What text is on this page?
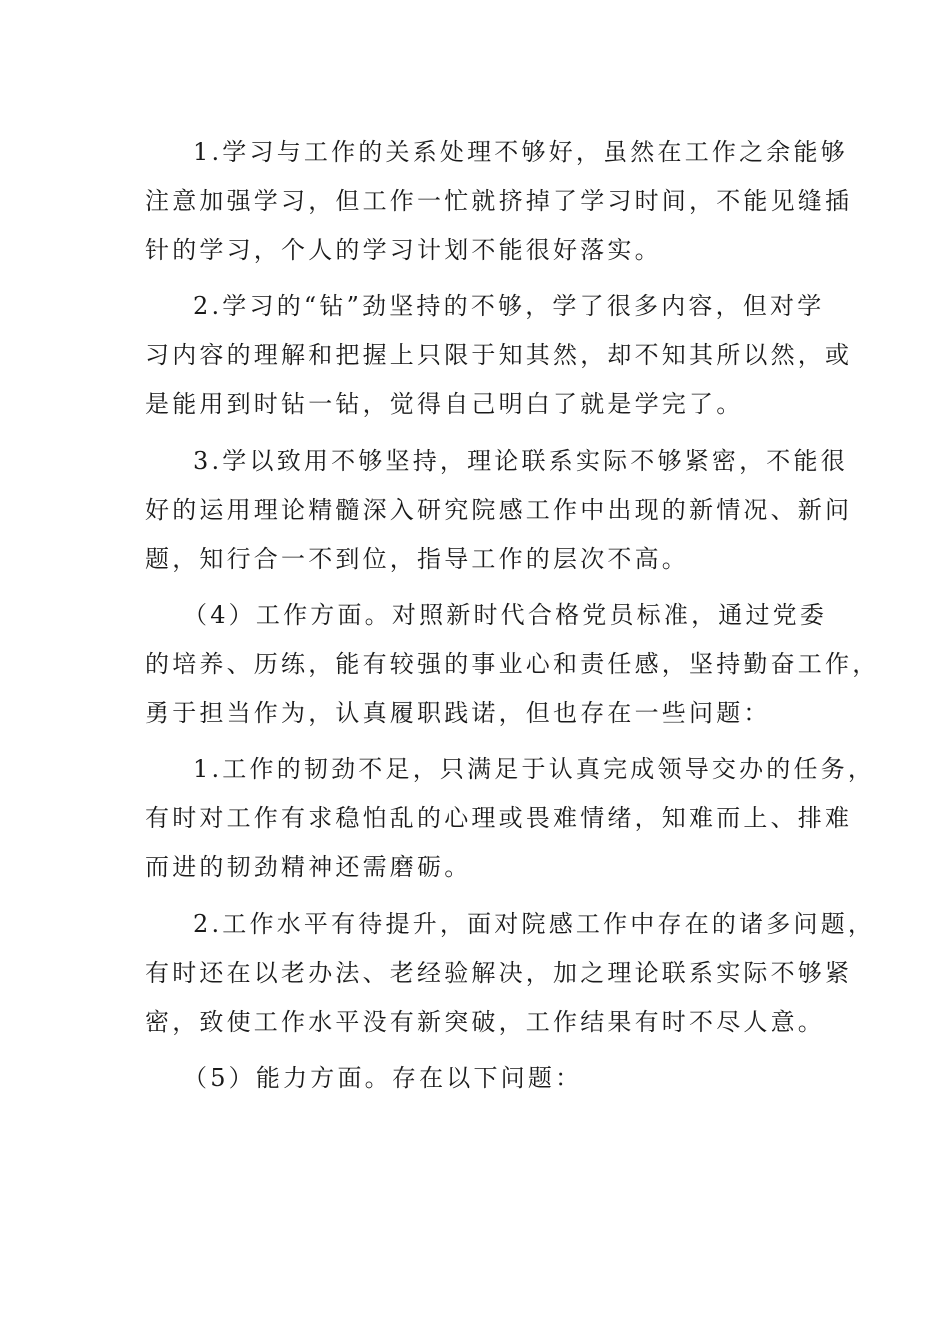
1.学习与工作的关系处理不够好，虽然在工作之余能够
注意加强学习，但工作一忙就挤掉了学习时间，不能见缝插
针的学习，个人的学习计划不能很好落实。
2.学习的“钻”劲坚持的不够，学了很多内容，但对学
习内容的理解和把握上只限于知其然，却不知其所以然，或
是能用到时钻一钻，觉得自己明白了就是学完了。
3.学以致用不够坚持，理论联系实际不够紧密，不能很
好的运用理论精髓深入研究院感工作中出现的新情况、新问
题，知行合一不到位，指导工作的层次不高。
（4）工作方面。对照新时代合格党员标准，通过党委
的培养、历练，能有较强的事业心和责任感，坚持勤奋工作，
勇于担当作为，认真履职践诺，但也存在一些问题：
1.工作的韧劲不足，只满足于认真完成领导交办的任务，
有时对工作有求稳怕乱的心理或畏难情绪，知难而上、排难
而进的韧劲精神还需磨砺。
2.工作水平有待提升，面对院感工作中存在的诸多问题，
有时还在以老办法、老经验解决，加之理论联系实际不够紧
密，致使工作水平没有新突破，工作结果有时不尽人意。
（5）能力方面。存在以下问题：
